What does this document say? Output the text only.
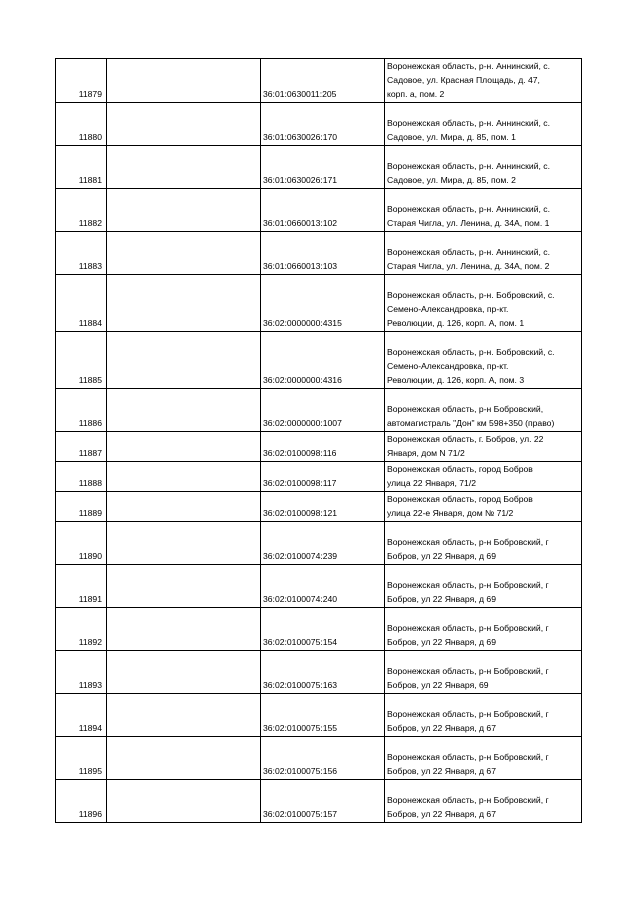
11879		36:01:0630011:205	Воронежская область, р-н. Аннинский, с.
Садовое, ул. Красная Площадь, д. 47,
корп. а, пом. 2
11880		36:01:0630026:170	Воронежская область, р-н. Аннинский, с.
Садовое, ул. Мира, д. 85, пом. 1
11881		36:01:0630026:171	Воронежская область, р-н. Аннинский, с.
Садовое, ул. Мира, д. 85, пом. 2
11882		36:01:0660013:102	Воронежская область, р-н. Аннинский, с.
Старая Чигла, ул. Ленина, д. 34А, пом. 1
11883		36:01:0660013:103	Воронежская область, р-н. Аннинский, с.
Старая Чигла, ул. Ленина, д. 34А, пом. 2
11884		36:02:0000000:4315	Воронежская область, р-н. Бобровский, с.
Семено-Александровка, пр-кт.
Революции, д. 126, корп. А, пом. 1
11885		36:02:0000000:4316	Воронежская область, р-н. Бобровский, с.
Семено-Александровка, пр-кт.
Революции, д. 126, корп. А, пом. 3
11886		36:02:0000000:1007	Воронежская область, р-н Бобровский,
автомагистраль "Дон" км 598+350 (право)
11887		36:02:0100098:116	Воронежская область, г. Бобров, ул. 22
Января, дом N 71/2
11888		36:02:0100098:117	Воронежская область, город Бобров
улица 22 Января, 71/2
11889		36:02:0100098:121	Воронежская область, город Бобров
улица 22-е Января, дом № 71/2
11890		36:02:0100074:239	Воронежская область, р-н Бобровский, г
Бобров, ул 22 Января, д 69
11891		36:02:0100074:240	Воронежская область, р-н Бобровский, г
Бобров, ул 22 Января, д 69
11892		36:02:0100075:154	Воронежская область, р-н Бобровский, г
Бобров, ул 22 Января, д 69
11893		36:02:0100075:163	Воронежская область, р-н Бобровский, г
Бобров, ул 22 Января, 69
11894		36:02:0100075:155	Воронежская область, р-н Бобровский, г
Бобров, ул 22 Января, д 67
11895		36:02:0100075:156	Воронежская область, р-н Бобровский, г
Бобров, ул 22 Января, д 67
11896		36:02:0100075:157	Воронежская область, р-н Бобровский, г
Бобров, ул 22 Января, д 67
